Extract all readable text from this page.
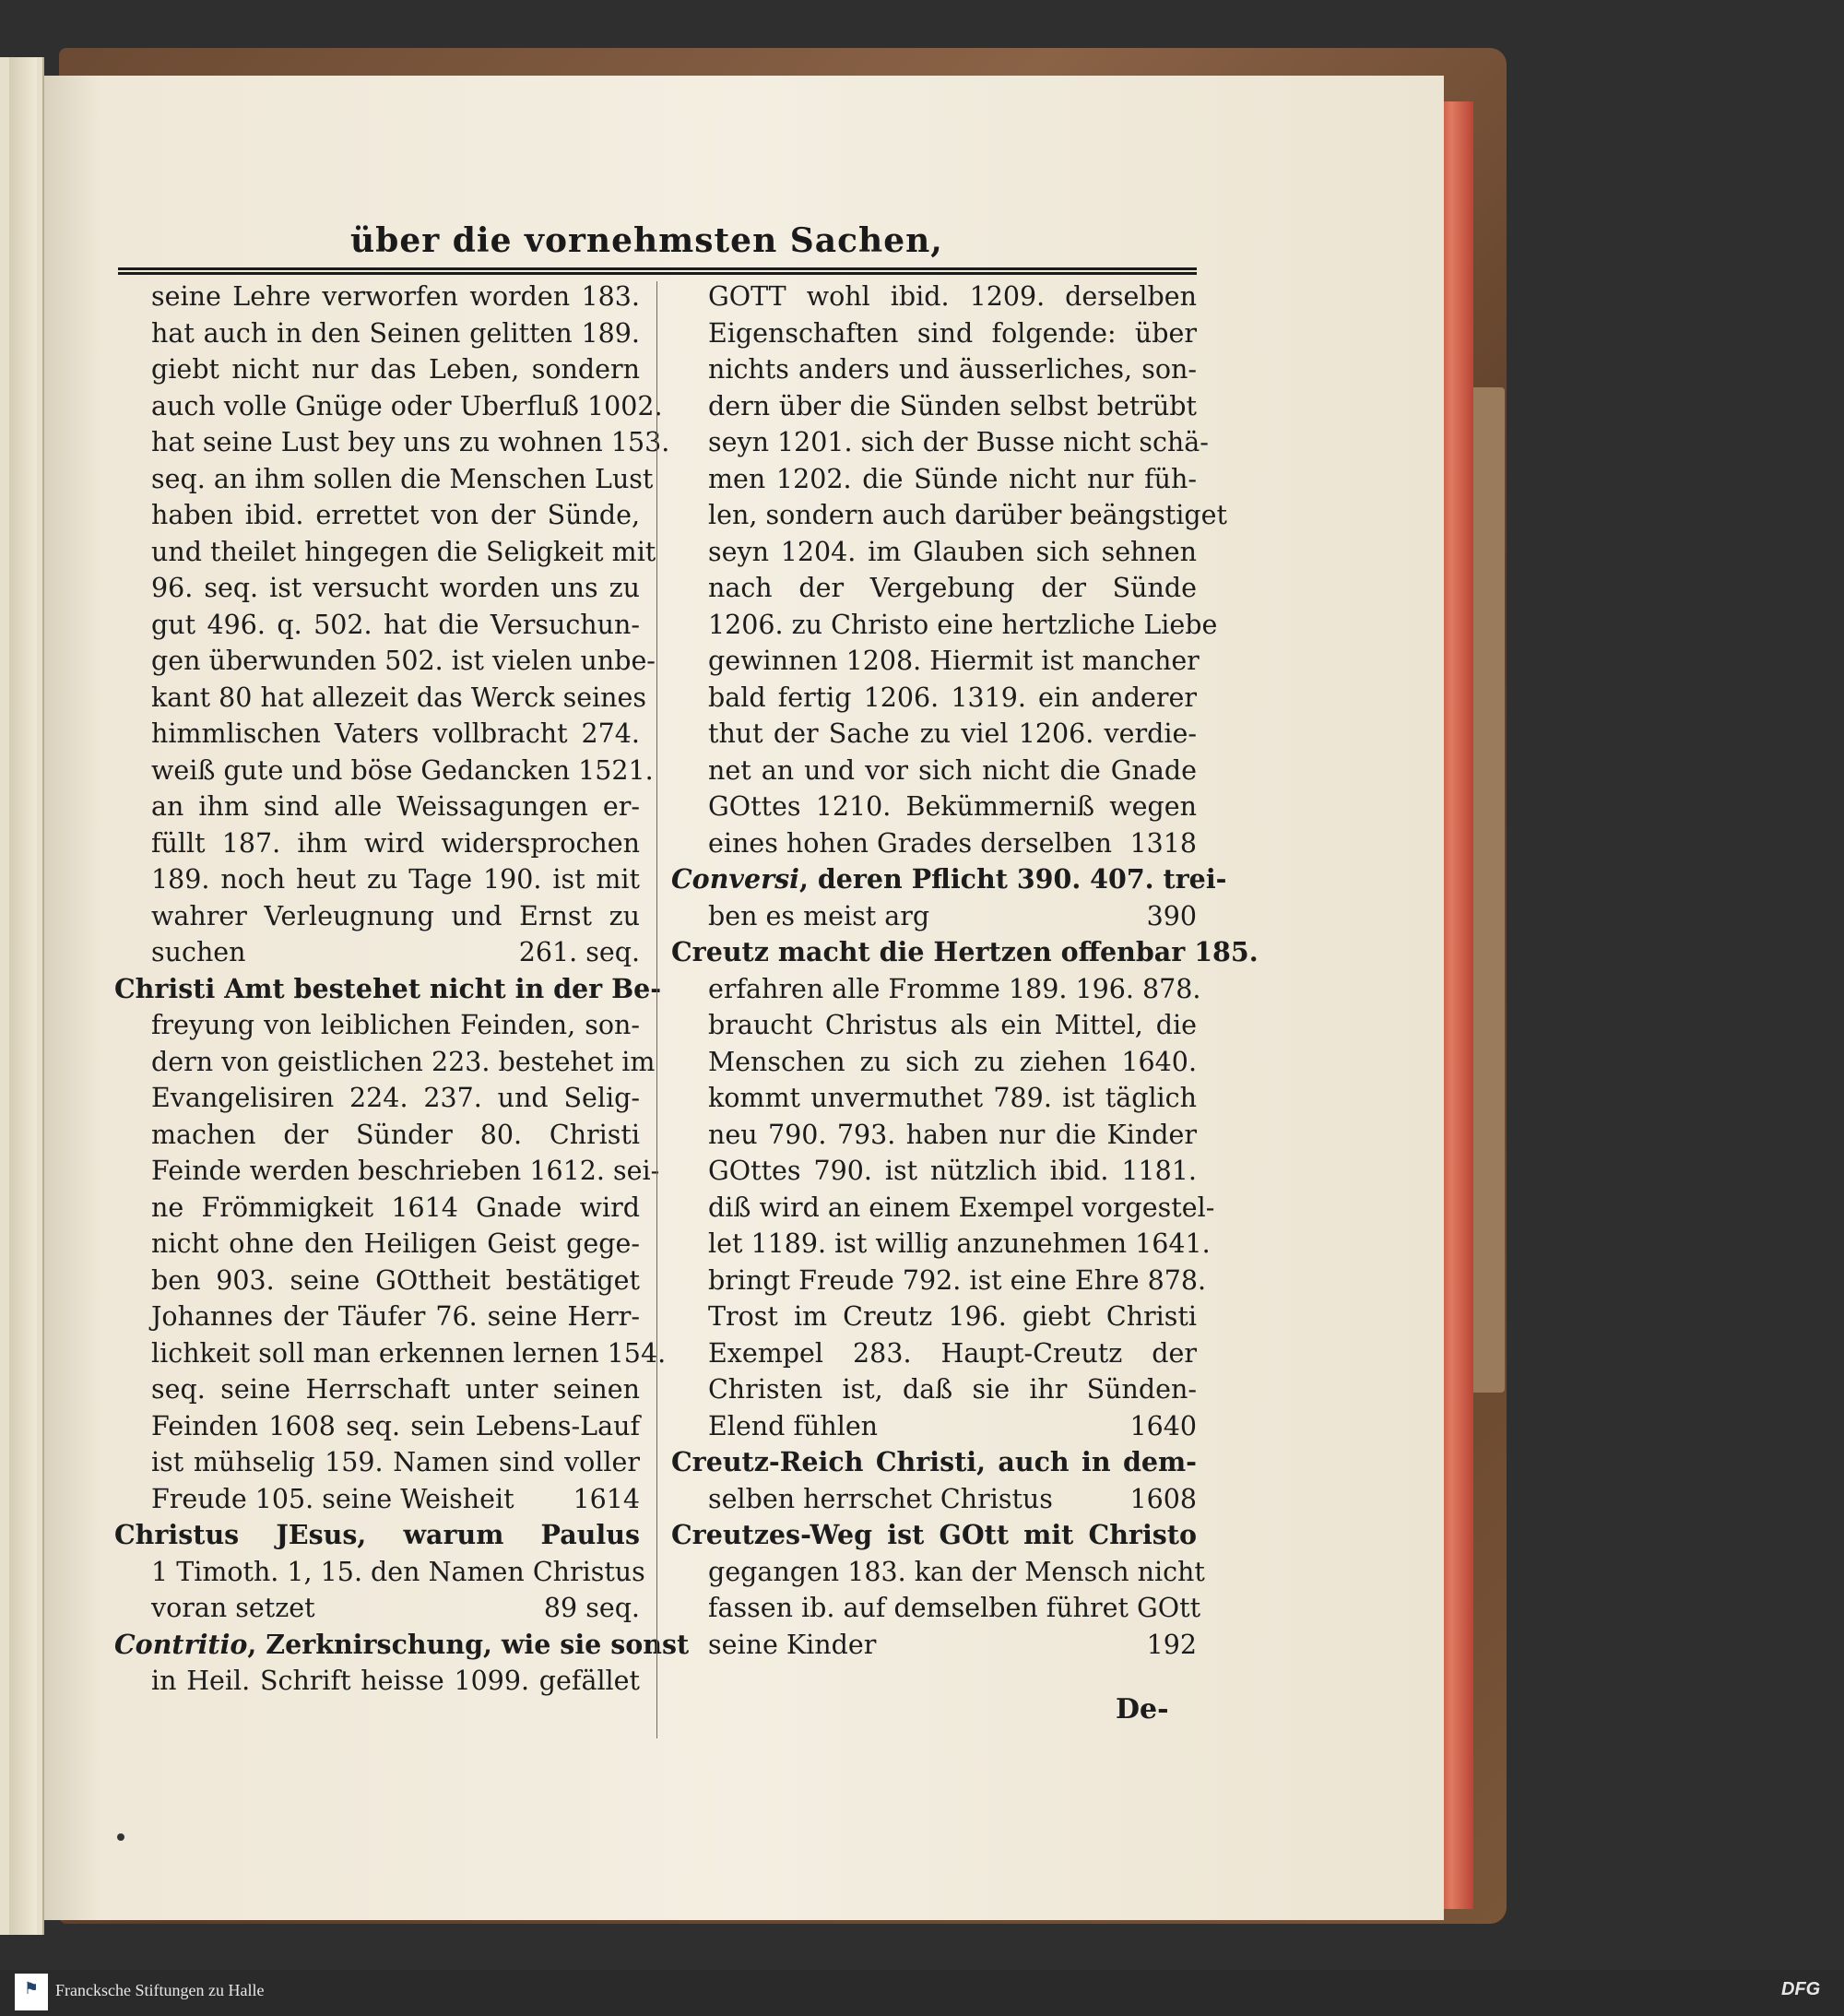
über die vornehmsten Sachen,
seine Lehre verworfen worden 183.
hat auch in den Seinen gelitten 189.
giebt nicht nur das Leben, sondern
auch volle Gnüge oder Uberfluß 1002.
hat seine Lust bey uns zu wohnen 153.
seq. an ihm sollen die Menschen Lust
haben ibid. errettet von der Sünde,
und theilet hingegen die Seligkeit mit
96. seq. ist versucht worden uns zu
gut 496. q. 502. hat die Versuchun-
gen überwunden 502. ist vielen unbe-
kant 80 hat allezeit das Werck seines
himmlischen Vaters vollbracht 274.
weiß gute und böse Gedancken 1521.
an ihm sind alle Weissagungen er-
füllt 187. ihm wird widersprochen
189. noch heut zu Tage 190. ist mit
wahrer Verleugnung und Ernst zu
suchen	261. seq.
Christi Amt bestehet nicht in der Be-
freyung von leiblichen Feinden, son-
dern von geistlichen 223. bestehet im
Evangelisiren 224. 237. und Selig-
machen der Sünder 80. Christi
Feinde werden beschrieben 1612. sei-
ne Frömmigkeit 1614 Gnade wird
nicht ohne den Heiligen Geist gege-
ben 903. seine GOttheit bestätiget
Johannes der Täufer 76. seine Herr-
lichkeit soll man erkennen lernen 154.
seq. seine Herrschaft unter seinen
Feinden 1608 seq. sein Lebens-Lauf
ist mühselig 159. Namen sind voller
Freude 105. seine Weisheit 1614
Christus JEsus, warum Paulus
1 Timoth. 1, 15. den Namen Christus
voran setzet	89 seq.
Contritio, Zerknirschung, wie sie sonst
in Heil. Schrift heisse 1099. gefället
GOTT wohl ibid. 1209. derselben
Eigenschaften sind folgende: über
nichts anders und äusserliches, son-
dern über die Sünden selbst betrübt
seyn 1201. sich der Busse nicht schä-
men 1202. die Sünde nicht nur füh-
len, sondern auch darüber beängstiget
seyn 1204. im Glauben sich sehnen
nach der Vergebung der Sünde
1206. zu Christo eine hertzliche Liebe
gewinnen 1208. Hiermit ist mancher
bald fertig 1206. 1319. ein anderer
thut der Sache zu viel 1206. verdie-
net an und vor sich nicht die Gnade
GOttes 1210. Bekümmerniß wegen
eines hohen Grades derselben 1318
Conversi, deren Pflicht 390. 407. trei-
ben es meist arg	390
Creutz macht die Hertzen offenbar 185.
erfahren alle Fromme 189. 196. 878.
braucht Christus als ein Mittel, die
Menschen zu sich zu ziehen 1640.
kommt unvermuthet 789. ist täglich
neu 790. 793. haben nur die Kinder
GOttes 790. ist nützlich ibid. 1181.
diß wird an einem Exempel vorgestel-
let 1189. ist willig anzunehmen 1641.
bringt Freude 792. ist eine Ehre 878.
Trost im Creutz 196. giebt Christi
Exempel 283. Haupt-Creutz der
Christen ist, daß sie ihr Sünden-
Elend fühlen	1640
Creutz-Reich Christi, auch in dem-
selben herrschet Christus	1608
Creutzes-Weg ist GOtt mit Christo
gegangen 183. kan der Mensch nicht
fassen ib. auf demselben führet GOtt
seine Kinder	192
De-
⚑ Francksche Stiftungen zu Halle	DFG
